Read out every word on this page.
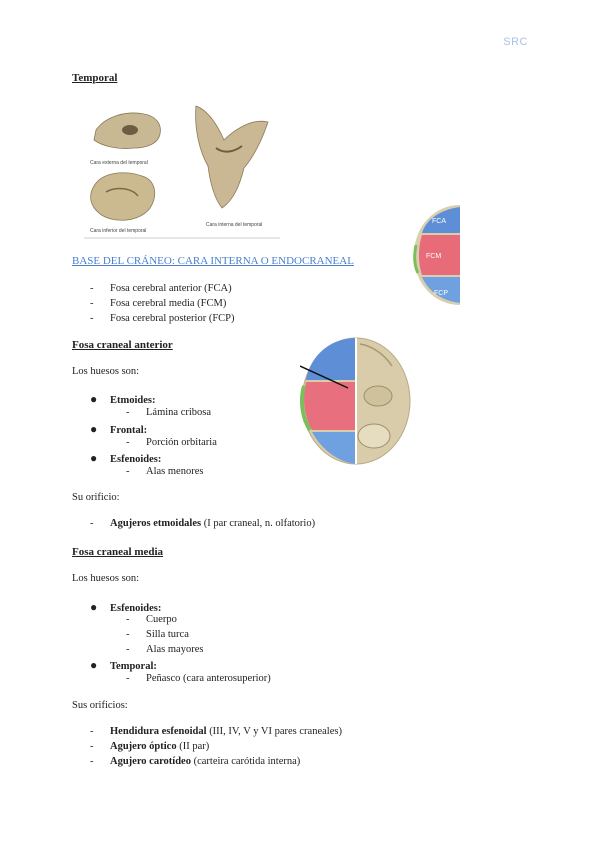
SRC
Temporal
Cara externa del temporal
Cara inferior del temporal
Cara interna del temporal	FCA
FCM
FCP
BASE DEL CRÁNEO: CARA INTERNA O ENDOCRANEAL
- Fosa cerebral anterior (FCA)
- Fosa cerebral media (FCM)
- Fosa cerebral posterior (FCP)
Fosa craneal anterior
Los huesos son:
● Etmoides:
- Lámina cribosa
● Frontal:
- Porción orbitaria
● Esfenoides:
- Alas menores
Su orificio:
- Agujeros etmoidales (I par craneal, n. olfatorio)
Fosa craneal media
Los huesos son:
● Esfenoides:
- Cuerpo
- Silla turca
- Alas mayores
● Temporal:
- Peñasco (cara anterosuperior)
Sus orificios:
- Hendidura esfenoidal (III, IV, V y VI pares craneales)
- Agujero óptico (II par)
- Agujero carotídeo (carteira carótida interna)
